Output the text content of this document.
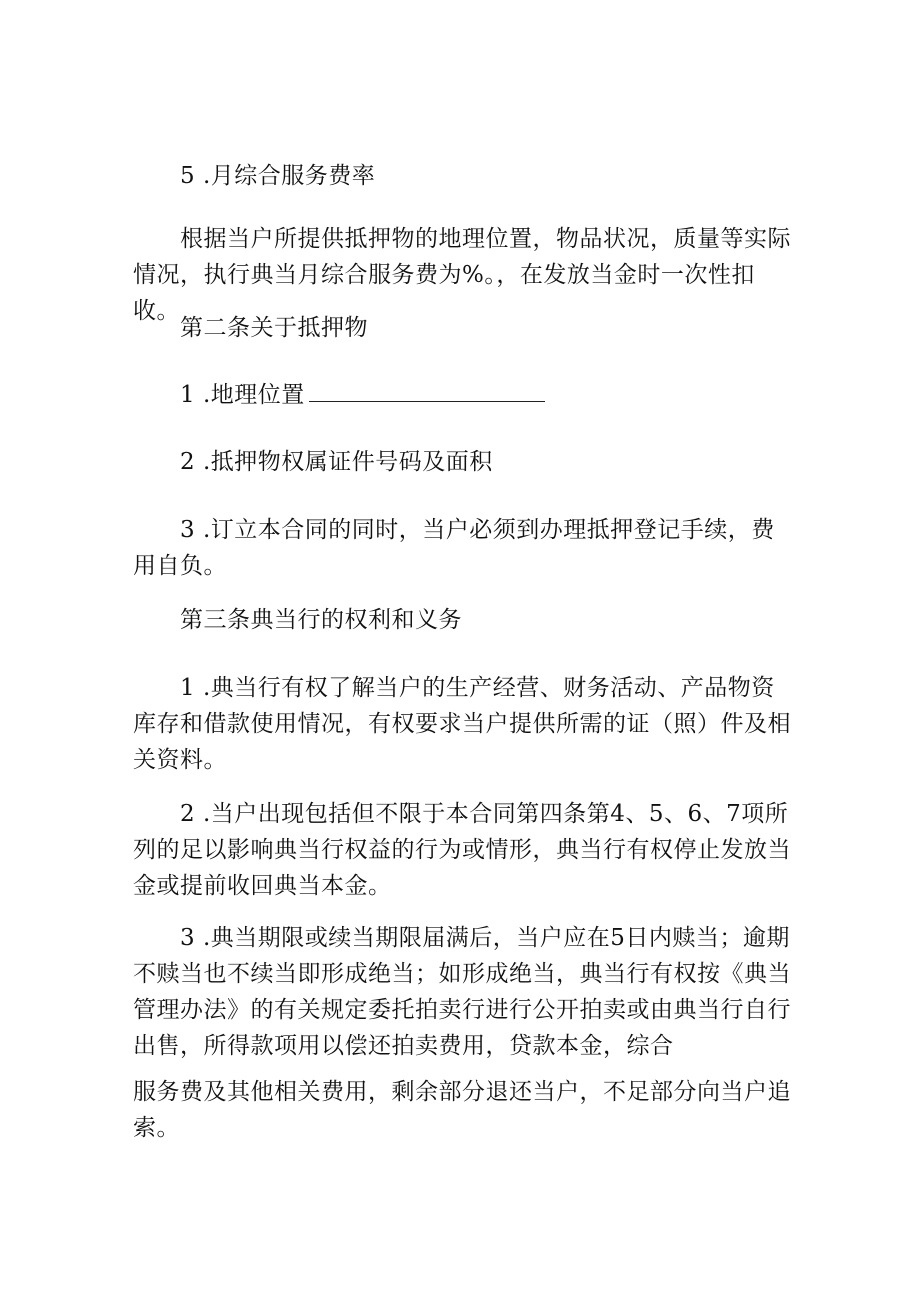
5 .月综合服务费率

根据当户所提供抵押物的地理位置，物品状况，质量等实际情况，执行典当月综合服务费为%。，在发放当金时一次性扣收。

第二条关于抵押物

1 .地理位置

2 .抵押物权属证件号码及面积

3 .订立本合同的同时，当户必须到办理抵押登记手续，费用自负。

第三条典当行的权利和义务

1 .典当行有权了解当户的生产经营、财务活动、产品物资库存和借款使用情况，有权要求当户提供所需的证（照）件及相关资料。

2 .当户出现包括但不限于本合同第四条第4、5、6、7项所列的足以影响典当行权益的行为或情形，典当行有权停止发放当金或提前收回典当本金。

3 .典当期限或续当期限届满后，当户应在5日内赎当；逾期不赎当也不续当即形成绝当；如形成绝当，典当行有权按《典当管理办法》的有关规定委托拍卖行进行公开拍卖或由典当行自行出售，所得款项用以偿还拍卖费用，贷款本金，综合

服务费及其他相关费用，剩余部分退还当户，不足部分向当户追索。
